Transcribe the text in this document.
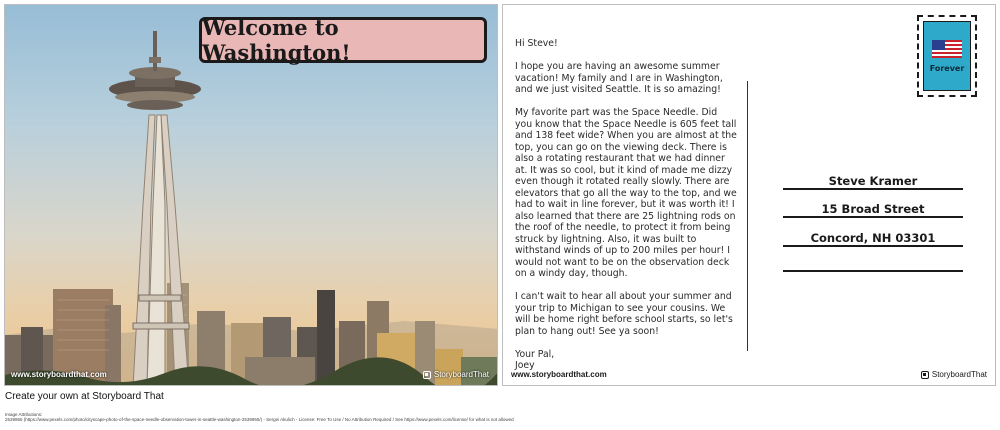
Welcome to Washington!
www.storyboardthat.com	StoryboardThat

Hi Steve!

I hope you are having an awesome summer vacation! My family and I are in Washington, and we just visited Seattle. It is so amazing!

My favorite part was the Space Needle. Did you know that the Space Needle is 605 feet tall and 138 feet wide? When you are almost at the top, you can go on the viewing deck. There is also a rotating restaurant that we had dinner at. It was so cool, but it kind of made me dizzy even though it rotated really slowly. There are elevators that go all the way to the top, and we had to wait in line forever, but it was worth it! I also learned that there are 25 lightning rods on the roof of the needle, to protect it from being struck by lightning. Also, it was built to withstand winds of up to 200 miles per hour! I would not want to be on the observation deck on a windy day, though.

I can't wait to hear all about your summer and your trip to Michigan to see your cousins. We will be home right before school starts, so let's plan to hang out! See ya soon!

Your Pal,
Joey
Forever
Steve Kramer
15 Broad Street
Concord, NH 03301
www.storyboardthat.com	StoryboardThat
Create your own at Storyboard That
Image Attributions:
2539955 (https://www.pexels.com/photo/cityscape-photo-of-the-space-needle-observation-tower-in-seattle-washington-2539955/) - Sergei Akulich - License: Free To Use / No Attribution Required / See https://www.pexels.com/license/ for what is not allowed
